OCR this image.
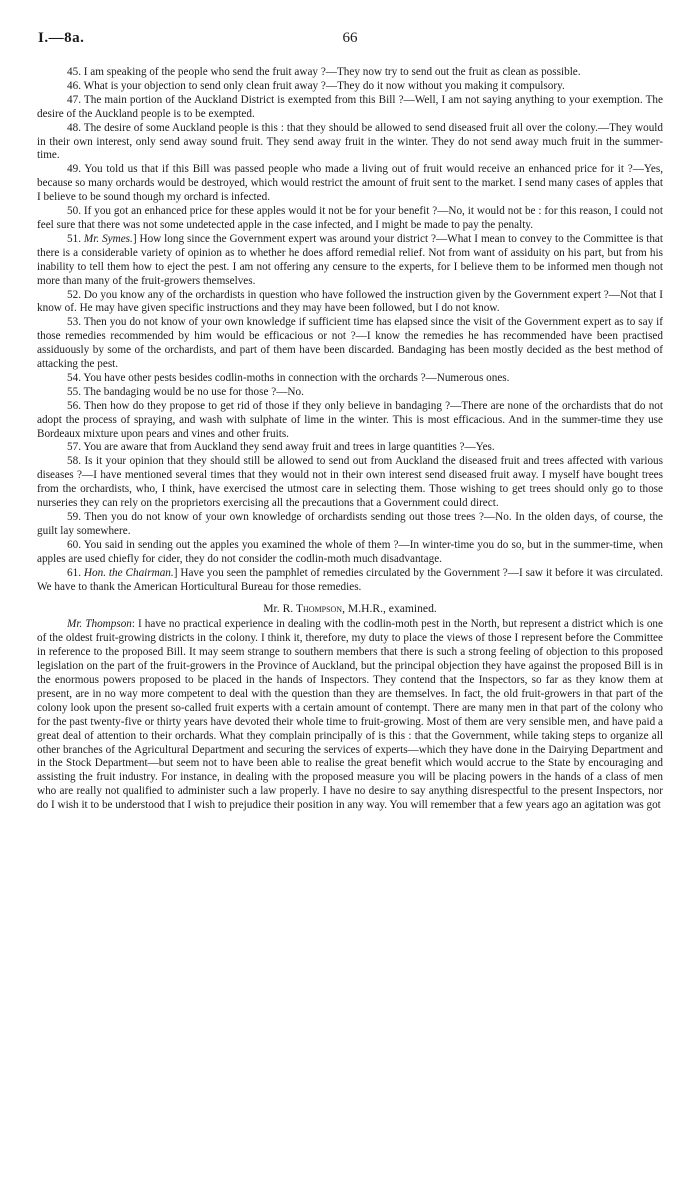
I.—8a.	66

45. I am speaking of the people who send the fruit away ?—They now try to send out the fruit as clean as possible.

46. What is your objection to send only clean fruit away ?—They do it now without you making it compulsory.

47. The main portion of the Auckland District is exempted from this Bill ?—Well, I am not saying anything to your exemption. The desire of the Auckland people is to be exempted.

48. The desire of some Auckland people is this : that they should be allowed to send diseased fruit all over the colony.—They would in their own interest, only send away sound fruit. They send away fruit in the winter. They do not send away much fruit in the summer-time.

49. You told us that if this Bill was passed people who made a living out of fruit would receive an enhanced price for it ?—Yes, because so many orchards would be destroyed, which would restrict the amount of fruit sent to the market. I send many cases of apples that I believe to be sound though my orchard is infected.

50. If you got an enhanced price for these apples would it not be for your benefit ?—No, it would not be : for this reason, I could not feel sure that there was not some undetected apple in the case infected, and I might be made to pay the penalty.

51. Mr. Symes.] How long since the Government expert was around your district ?—What I mean to convey to the Committee is that there is a considerable variety of opinion as to whether he does afford remedial relief. Not from want of assiduity on his part, but from his inability to tell them how to eject the pest. I am not offering any censure to the experts, for I believe them to be informed men though not more than many of the fruit-growers themselves.

52. Do you know any of the orchardists in question who have followed the instruction given by the Government expert ?—Not that I know of. He may have given specific instructions and they may have been followed, but I do not know.

53. Then you do not know of your own knowledge if sufficient time has elapsed since the visit of the Government expert as to say if those remedies recommended by him would be efficacious or not ?—I know the remedies he has recommended have been practised assiduously by some of the orchardists, and part of them have been discarded. Bandaging has been mostly decided as the best method of attacking the pest.

54. You have other pests besides codlin-moths in connection with the orchards ?—Numerous ones.

55. The bandaging would be no use for those ?—No.

56. Then how do they propose to get rid of those if they only believe in bandaging ?—There are none of the orchardists that do not adopt the process of spraying, and wash with sulphate of lime in the winter. This is most efficacious. And in the summer-time they use Bordeaux mixture upon pears and vines and other fruits.

57. You are aware that from Auckland they send away fruit and trees in large quantities ?—Yes.

58. Is it your opinion that they should still be allowed to send out from Auckland the diseased fruit and trees affected with various diseases ?—I have mentioned several times that they would not in their own interest send diseased fruit away. I myself have bought trees from the orchardists, who, I think, have exercised the utmost care in selecting them. Those wishing to get trees should only go to those nurseries they can rely on the proprietors exercising all the precautions that a Government could direct.

59. Then you do not know of your own knowledge of orchardists sending out those trees ?—No. In the olden days, of course, the guilt lay somewhere.

60. You said in sending out the apples you examined the whole of them ?—In winter-time you do so, but in the summer-time, when apples are used chiefly for cider, they do not consider the codlin-moth much disadvantage.

61. Hon. the Chairman.] Have you seen the pamphlet of remedies circulated by the Government ?—I saw it before it was circulated. We have to thank the American Horticultural Bureau for those remedies.

Mr. R. Thompson, M.H.R., examined.

Mr. Thompson: I have no practical experience in dealing with the codlin-moth pest in the North, but represent a district which is one of the oldest fruit-growing districts in the colony. I think it, therefore, my duty to place the views of those I represent before the Committee in reference to the proposed Bill. It may seem strange to southern members that there is such a strong feeling of objection to this proposed legislation on the part of the fruit-growers in the Province of Auckland, but the principal objection they have against the proposed Bill is in the enormous powers proposed to be placed in the hands of Inspectors. They contend that the Inspectors, so far as they know them at present, are in no way more competent to deal with the question than they are themselves. In fact, the old fruit-growers in that part of the colony look upon the present so-called fruit experts with a certain amount of contempt. There are many men in that part of the colony who for the past twenty-five or thirty years have devoted their whole time to fruit-growing. Most of them are very sensible men, and have paid a great deal of attention to their orchards. What they complain principally of is this : that the Government, while taking steps to organize all other branches of the Agricultural Department and securing the services of experts—which they have done in the Dairying Department and in the Stock Department—but seem not to have been able to realise the great benefit which would accrue to the State by encouraging and assisting the fruit industry. For instance, in dealing with the proposed measure you will be placing powers in the hands of a class of men who are really not qualified to administer such a law properly. I have no desire to say anything disrespectful to the present Inspectors, nor do I wish it to be understood that I wish to prejudice their position in any way. You will remember that a few years ago an agitation was got
